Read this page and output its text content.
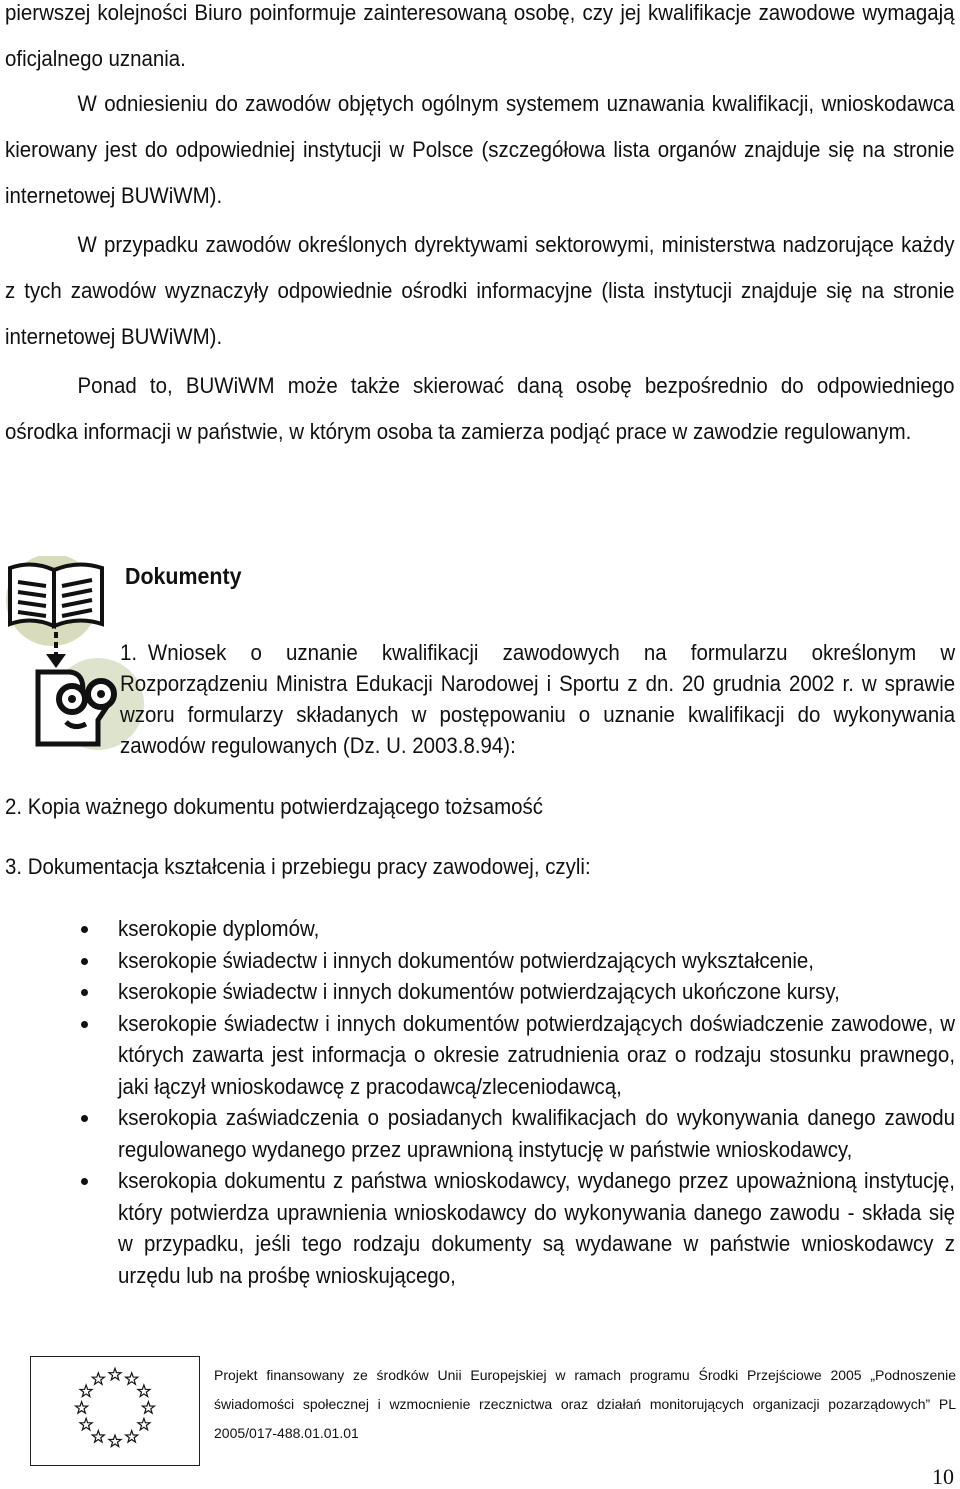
pierwszej kolejności Biuro poinformuje zainteresowaną osobę, czy jej kwalifikacje zawodowe wymagają oficjalnego uznania.

W odniesieniu do zawodów objętych ogólnym systemem uznawania kwalifikacji, wnioskodawca kierowany jest do odpowiedniej instytucji w Polsce (szczegółowa lista organów znajduje się na stronie internetowej BUWiWM).

W przypadku zawodów określonych dyrektywami sektorowymi, ministerstwa nadzorujące każdy z tych zawodów wyznaczyły odpowiednie ośrodki informacyjne (lista instytucji znajduje się na stronie internetowej BUWiWM).

Ponad to, BUWiWM może także skierować daną osobę bezpośrednio do odpowiedniego ośrodka informacji w państwie, w którym osoba ta zamierza podjąć prace w zawodzie regulowanym.

Dokumenty

1. Wniosek o uznanie kwalifikacji zawodowych na formularzu określonym w Rozporządzeniu Ministra Edukacji Narodowej i Sportu z dn. 20 grudnia 2002 r. w sprawie wzoru formularzy składanych w postępowaniu o uznanie kwalifikacji do wykonywania zawodów regulowanych (Dz. U. 2003.8.94):

2. Kopia ważnego dokumentu potwierdzającego tożsamość

3. Dokumentacja kształcenia i przebiegu pracy zawodowej, czyli:

kserokopie dyplomów,
kserokopie świadectw i innych dokumentów potwierdzających wykształcenie,
kserokopie świadectw i innych dokumentów potwierdzających ukończone kursy,
kserokopie świadectw i innych dokumentów potwierdzających doświadczenie zawodowe, w których zawarta jest informacja o okresie zatrudnienia oraz o rodzaju stosunku prawnego, jaki łączył wnioskodawcę z pracodawcą/zleceniodawcą,
kserokopia zaświadczenia o posiadanych kwalifikacjach do wykonywania danego zawodu regulowanego wydanego przez uprawnioną instytucję w państwie wnioskodawcy,
kserokopia dokumentu z państwa wnioskodawcy, wydanego przez upoważnioną instytucję, który potwierdza uprawnienia wnioskodawcy do wykonywania danego zawodu - składa się w przypadku, jeśli tego rodzaju dokumenty są wydawane w państwie wnioskodawcy z urzędu lub na prośbę wnioskującego,

Projekt finansowany ze środków Unii Europejskiej w ramach programu Środki Przejściowe 2005 „Podnoszenie świadomości społecznej i wzmocnienie rzecznictwa oraz działań monitorujących organizacji pozarządowych” PL 2005/017-488.01.01.01

10
